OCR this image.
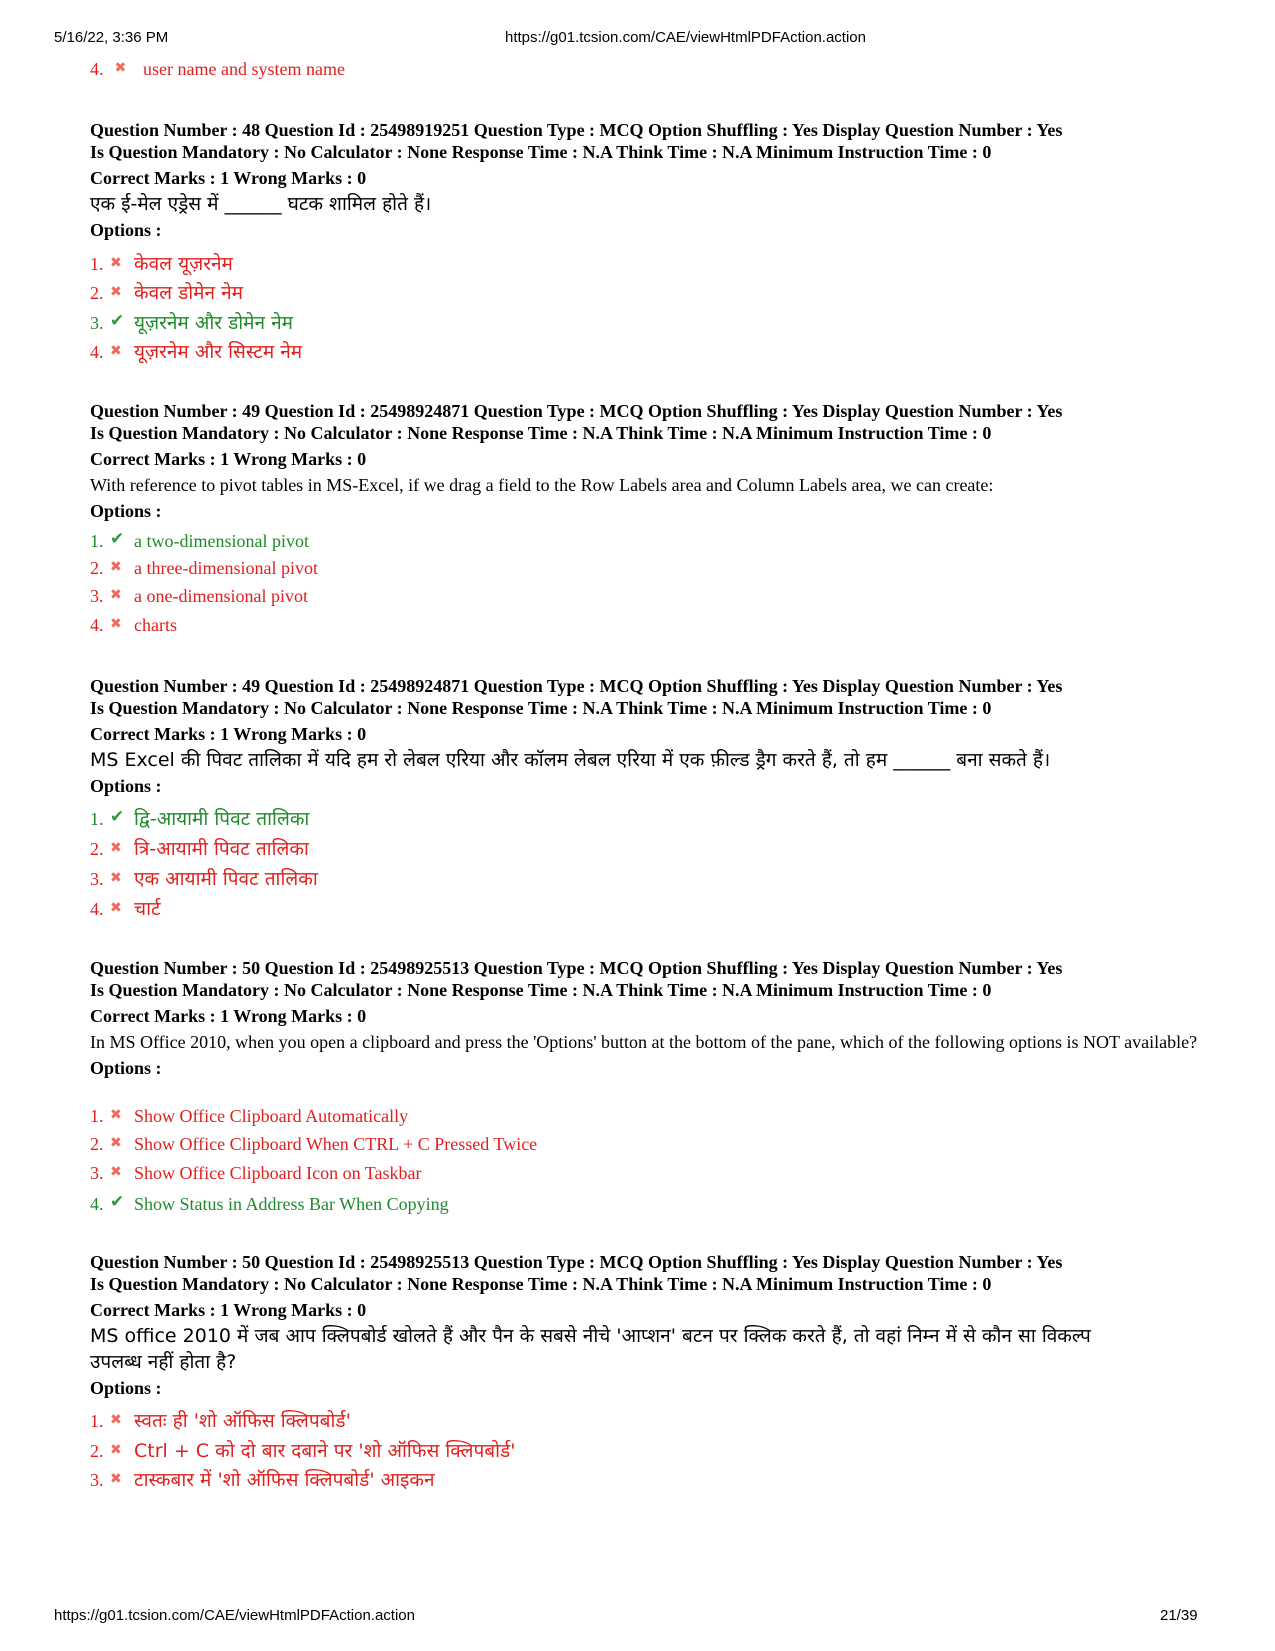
5/16/22, 3:36 PM	https://g01.tcsion.com/CAE/viewHtmlPDFAction.action
4. ✖ user name and system name
Question Number : 48 Question Id : 25498919251 Question Type : MCQ Option Shuffling : Yes Display Question Number : Yes
Is Question Mandatory : No Calculator : None Response Time : N.A Think Time : N.A Minimum Instruction Time : 0
Correct Marks : 1 Wrong Marks : 0
एक ई-मेल एड्रेस में ______ घटक शामिल होते हैं।
Options :
1. ✖ केवल यूज़रनेम
2. ✖ केवल डोमेन नेम
3. ✔ यूज़रनेम और डोमेन नेम
4. ✖ यूज़रनेम और सिस्टम नेम
Question Number : 49 Question Id : 25498924871 Question Type : MCQ Option Shuffling : Yes Display Question Number : Yes
Is Question Mandatory : No Calculator : None Response Time : N.A Think Time : N.A Minimum Instruction Time : 0
Correct Marks : 1 Wrong Marks : 0
With reference to pivot tables in MS-Excel, if we drag a field to the Row Labels area and Column Labels area, we can create:
Options :
1. ✔ a two-dimensional pivot
2. ✖ a three-dimensional pivot
3. ✖ a one-dimensional pivot
4. ✖ charts
Question Number : 49 Question Id : 25498924871 Question Type : MCQ Option Shuffling : Yes Display Question Number : Yes
Is Question Mandatory : No Calculator : None Response Time : N.A Think Time : N.A Minimum Instruction Time : 0
Correct Marks : 1 Wrong Marks : 0
MS Excel की पिवट तालिका में यदि हम रो लेबल एरिया और कॉलम लेबल एरिया में एक फ़ील्ड ड्रैग करते हैं, तो हम ______ बना सकते हैं।
Options :
1. ✔ द्वि-आयामी पिवट तालिका
2. ✖ त्रि-आयामी पिवट तालिका
3. ✖ एक आयामी पिवट तालिका
4. ✖ चार्ट
Question Number : 50 Question Id : 25498925513 Question Type : MCQ Option Shuffling : Yes Display Question Number : Yes
Is Question Mandatory : No Calculator : None Response Time : N.A Think Time : N.A Minimum Instruction Time : 0
Correct Marks : 1 Wrong Marks : 0
In MS Office 2010, when you open a clipboard and press the 'Options' button at the bottom of the pane, which of the following options is NOT available?
Options :
1. ✖ Show Office Clipboard Automatically
2. ✖ Show Office Clipboard When CTRL + C Pressed Twice
3. ✖ Show Office Clipboard Icon on Taskbar
4. ✔ Show Status in Address Bar When Copying
Question Number : 50 Question Id : 25498925513 Question Type : MCQ Option Shuffling : Yes Display Question Number : Yes
Is Question Mandatory : No Calculator : None Response Time : N.A Think Time : N.A Minimum Instruction Time : 0
Correct Marks : 1 Wrong Marks : 0
MS office 2010 में जब आप क्लिपबोर्ड खोलते हैं और पैन के सबसे नीचे 'आप्शन' बटन पर क्लिक करते हैं, तो वहां निम्न में से कौन सा विकल्प उपलब्ध नहीं होता है?
Options :
1. ✖ स्वतः ही 'शो ऑफिस क्लिपबोर्ड'
2. ✖ Ctrl + C को दो बार दबाने पर 'शो ऑफिस क्लिपबोर्ड'
3. ✖ टास्कबार में 'शो ऑफिस क्लिपबोर्ड' आइकन
https://g01.tcsion.com/CAE/viewHtmlPDFAction.action	21/39
